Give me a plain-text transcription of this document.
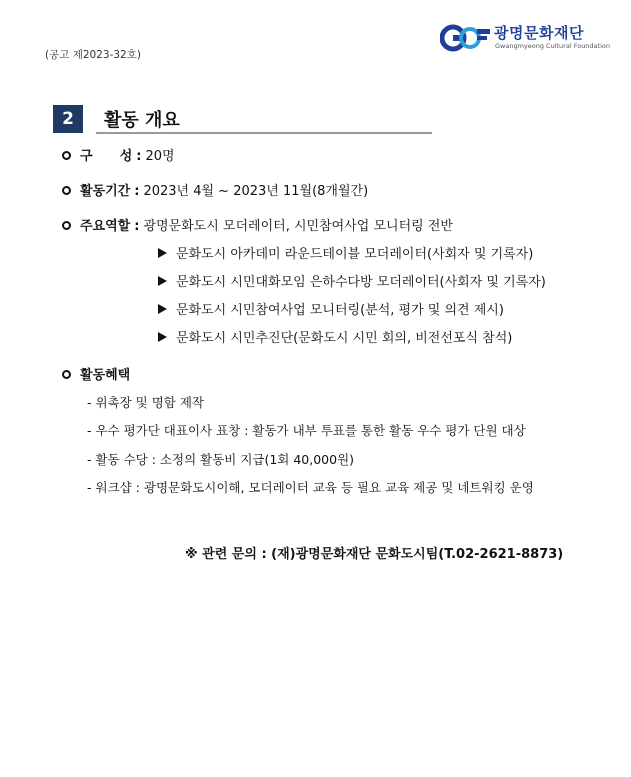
(공고 제2023-32호)
광명문화재단
Gwangmyeong Cultural Foundation
2	활동 개요
구      성 : 20명
활동기간 : 2023년 4월 ~ 2023년 11월(8개월간)
주요역할 : 광명문화도시 모더레이터, 시민참여사업 모니터링 전반
문화도시 아카데미 라운드테이블 모더레이터(사회자 및 기록자)
문화도시 시민대화모임 은하수다방 모더레이터(사회자 및 기록자)
문화도시 시민참여사업 모니터링(분석, 평가 및 의견 제시)
문화도시 시민추진단(문화도시 시민 회의, 비전선포식 참석)
활동혜택
- 위촉장 및 명함 제작
- 우수 평가단 대표이사 표창 : 활동가 내부 투표를 통한 활동 우수 평가 단원 대상
- 활동 수당 : 소정의 활동비 지급(1회 40,000원)
- 워크샵 : 광명문화도시이해, 모더레이터 교육 등 필요 교육 제공 및 네트워킹 운영
※ 관련 문의 : (재)광명문화재단 문화도시팀(T.02-2621-8873)
